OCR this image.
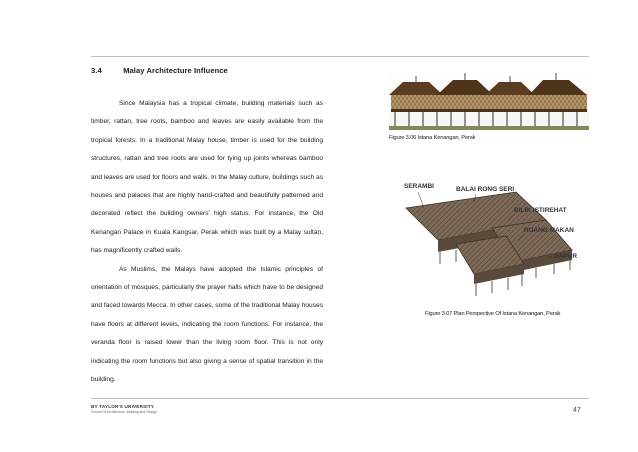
3.4	Malay Architecture Influence

Since Malaysia has a tropical climate, building materials such as timber, rattan, tree roots, bamboo and leaves are easily available from the tropical forests. In a traditional Malay house, timber is used for the building structures, rattan and tree roots are used for tying up joints whereas bamboo and leaves are used for floors and walls. In the Malay culture, buildings such as houses and palaces that are highly hand-crafted and beautifully patterned and decorated reflect the building owners' high status. For instance, the Old Kenangan Palace in Kuala Kangsar, Perak which was built by a Malay sultan, has magnificently crafted walls.

As Muslims, the Malays have adopted the Islamic principles of orientation of mosques, particularly the prayer halls which have to be designed and faced towards Mecca. In other cases, some of the traditional Malay houses have floors at different levels, indicating the room functions. For instance, the veranda floor is raised lower than the living room floor. This is not only indicating the room functions but also giving a sense of spatial transition in the building.

Figure 3.06 Istana Kenangan, Perak
SERAMBI	BALAI RONG SERI
BILIK ISTIREHAT
RUANG MAKAN
DAPUR
Figure 3.07 Plan Perspective Of Istana Kenangan, Perak
47
BY TAYLOR'S UNIVERSITY
School Of Architecture, Building and Design
